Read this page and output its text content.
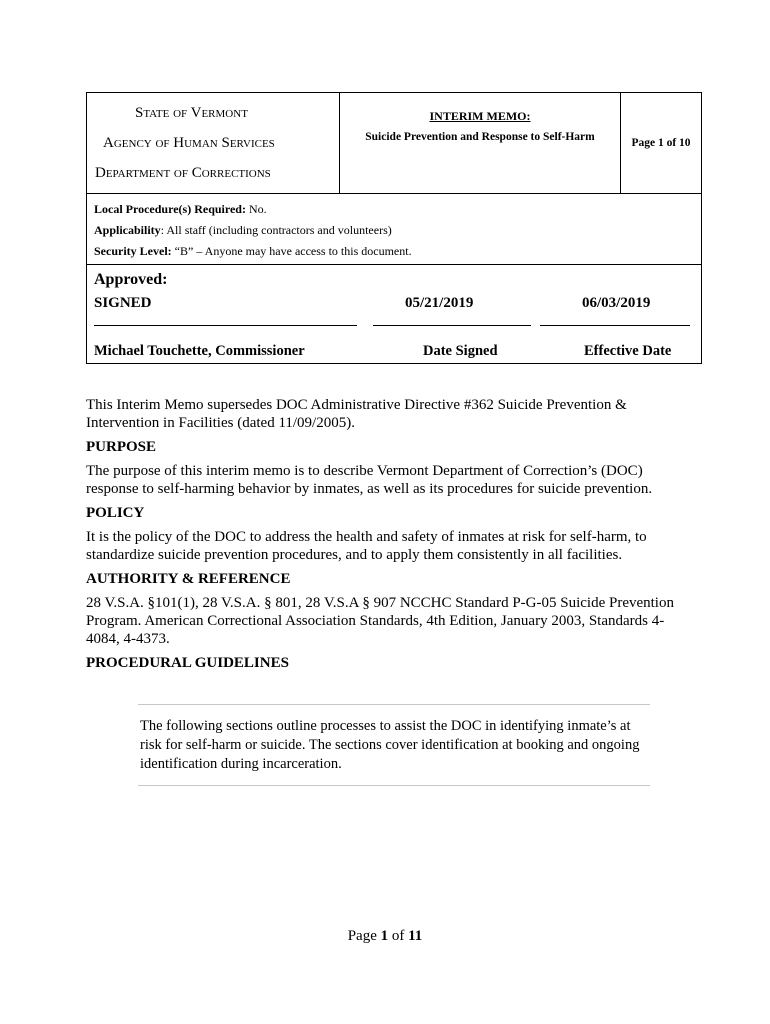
State of Vermont
Agency of Human Services
Department of Corrections
INTERIM MEMO:
Suicide Prevention and Response to Self-Harm	Page 1 of 10
Local Procedure(s) Required: No.
Applicability: All staff (including contractors and volunteers)
Security Level: “B” – Anyone may have access to this document.
Approved:
SIGNED	05/21/2019	06/03/2019
Michael Touchette, Commissioner	Date Signed	Effective Date

This Interim Memo supersedes DOC Administrative Directive #362 Suicide Prevention & Intervention in Facilities (dated 11/09/2005).

PURPOSE

The purpose of this interim memo is to describe Vermont Department of Correction’s (DOC) response to self-harming behavior by inmates, as well as its procedures for suicide prevention.

POLICY

It is the policy of the DOC to address the health and safety of inmates at risk for self-harm, to standardize suicide prevention procedures, and to apply them consistently in all facilities.

AUTHORITY & REFERENCE

28 V.S.A. §101(1), 28 V.S.A. § 801, 28 V.S.A § 907 NCCHC Standard P-G-05 Suicide Prevention Program. American Correctional Association Standards, 4th Edition, January 2003, Standards 4-4084, 4-4373.

PROCEDURAL GUIDELINES

The following sections outline processes to assist the DOC in identifying inmate’s at risk for self-harm or suicide. The sections cover identification at booking and ongoing identification during incarceration.

Page 1 of 11
